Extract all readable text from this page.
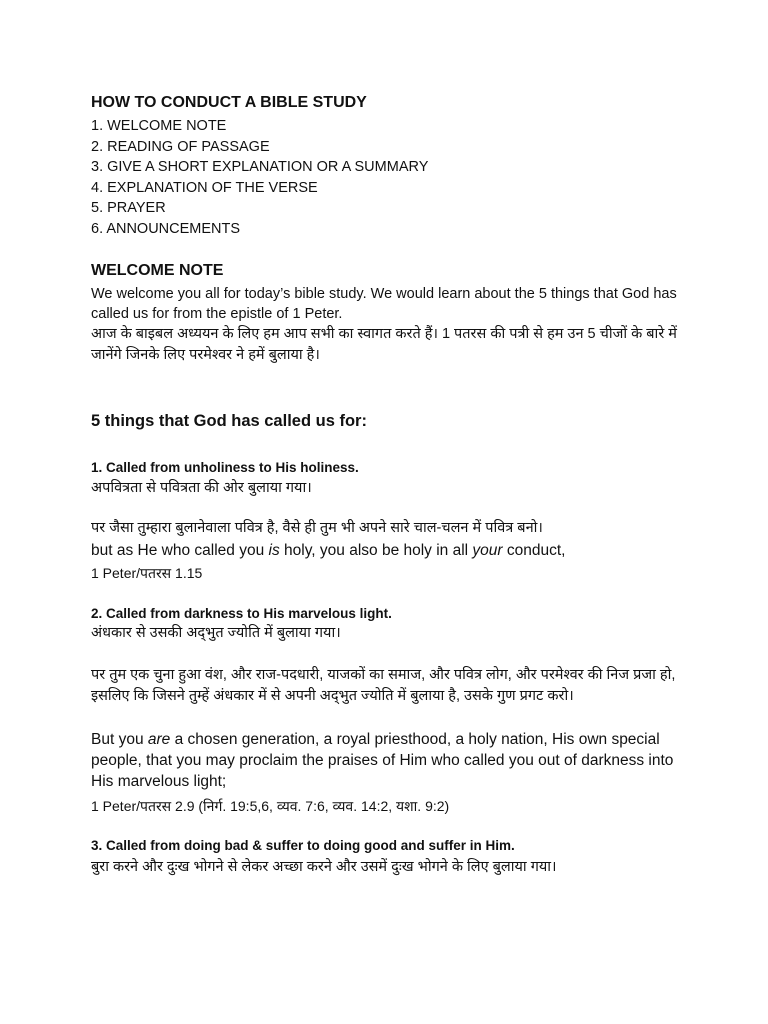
HOW TO CONDUCT A BIBLE STUDY
1. WELCOME NOTE
2. READING OF PASSAGE
3. GIVE A SHORT EXPLANATION OR A SUMMARY
4. EXPLANATION OF THE VERSE
5. PRAYER
6. ANNOUNCEMENTS
WELCOME NOTE

We welcome you all for today’s bible study. We would learn about the 5 things that God has called us for from the epistle of 1 Peter.

आज के बाइबल अध्ययन के लिए हम आप सभी का स्वागत करते हैं। 1 पतरस की पत्री से हम उन 5 चीजों के बारे में जानेंगे जिनके लिए परमेश्वर ने हमें बुलाया है।

5 things that God has called us for:

1. Called from unholiness to His holiness.

अपवित्रता से पवित्रता की ओर बुलाया गया।

पर जैसा तुम्हारा बुलानेवाला पवित्र है, वैसे ही तुम भी अपने सारे चाल-चलन में पवित्र बनो।

but as He who called you is holy, you also be holy in all your conduct,

1 Peter/पतरस 1.15

2. Called from darkness to His marvelous light.

अंधकार से उसकी अद्‌भुत ज्योति में बुलाया गया।

पर तुम एक चुना हुआ वंश, और राज-पदधारी, याजकों का समाज, और पवित्र लोग, और परमेश्वर की निज प्रजा हो, इसलिए कि जिसने तुम्हें अंधकार में से अपनी अद्‌भुत ज्योति में बुलाया है, उसके गुण प्रगट करो।

But you are a chosen generation, a royal priesthood, a holy nation, His own special people, that you may proclaim the praises of Him who called you out of darkness into His marvelous light;

1 Peter/पतरस 2.9 (निर्ग. 19:5,6, व्यव. 7:6, व्यव. 14:2, यशा. 9:2)

3. Called from doing bad & suffer to doing good and suffer in Him.

बुरा करने और दुःख भोगने से लेकर अच्छा करने और उसमें दुःख भोगने के लिए बुलाया गया।
